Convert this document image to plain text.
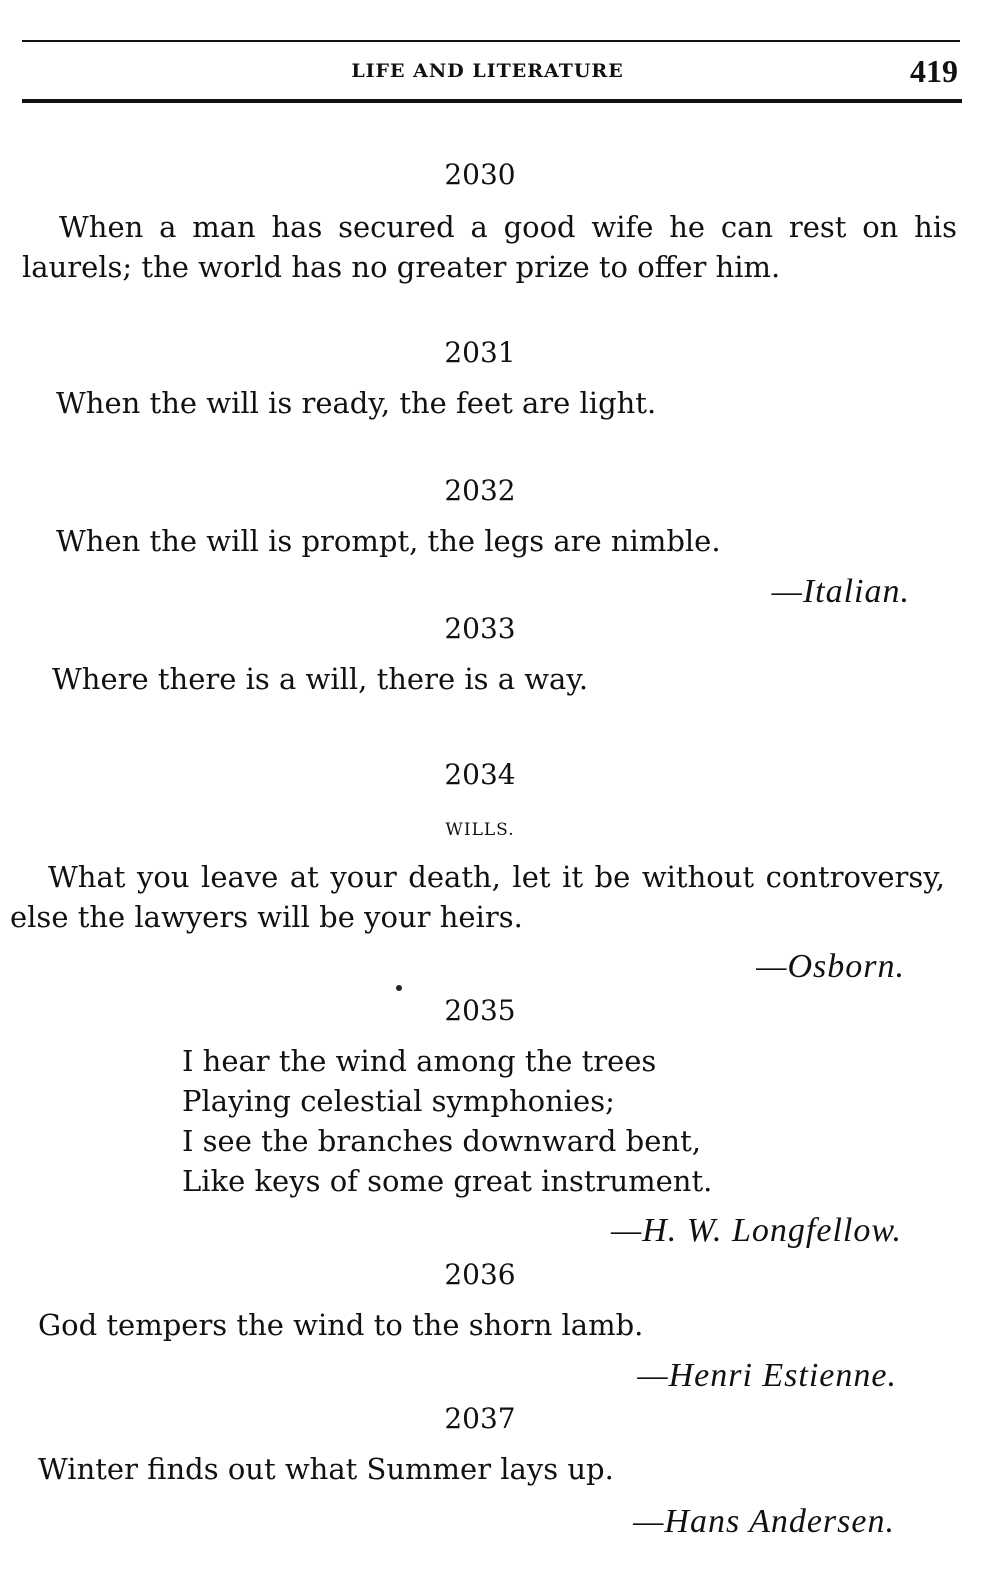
LIFE AND LITERATURE	419
2030

When a man has secured a good wife he can rest on his laurels; the world has no greater prize to offer him.

2031

When the will is ready, the feet are light.

2032

When the will is prompt, the legs are nimble.

—Italian.
2033

Where there is a will, there is a way.

2034
WILLS.

What you leave at your death, let it be without controversy, else the lawyers will be your heirs.

—Osborn.
2035
I hear the wind among the trees
Playing celestial symphonies;
I see the branches downward bent,
Like keys of some great instrument.
—H. W. Longfellow.
2036

God tempers the wind to the shorn lamb.

—Henri Estienne.
2037

Winter finds out what Summer lays up.

—Hans Andersen.
